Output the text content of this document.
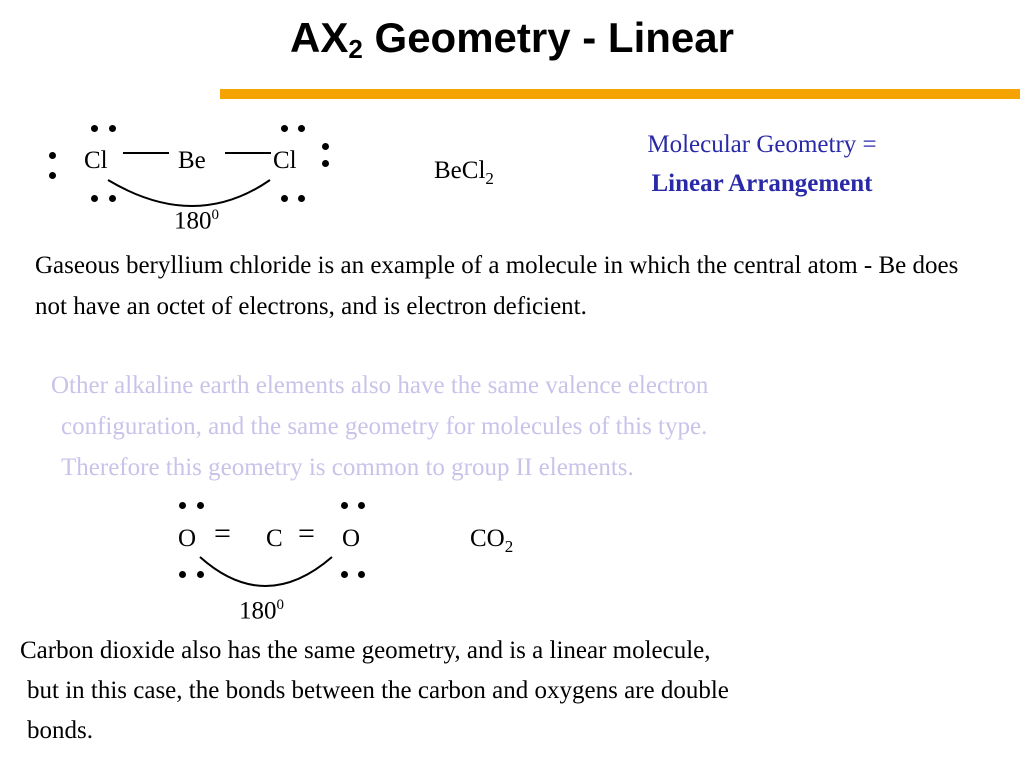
$AX_2$ Geometry - Linear
Cl	Be	Cl
$180^0$
BeCl$_2$
Molecular Geometry =
Linear Arrangement
Gaseous beryllium chloride is an example of a molecule in which the central atom - Be does not have an octet of electrons, and is electron deficient.
Other alkaline earth elements also have the same valence electron
configuration, and the same geometry for molecules of this type.
Therefore this geometry is common to group II elements.
O = C = O
$180^0$
$CO_2$
Carbon dioxide also has the same geometry, and is a linear molecule,
but in this case, the bonds between the carbon and oxygens are double
bonds.
